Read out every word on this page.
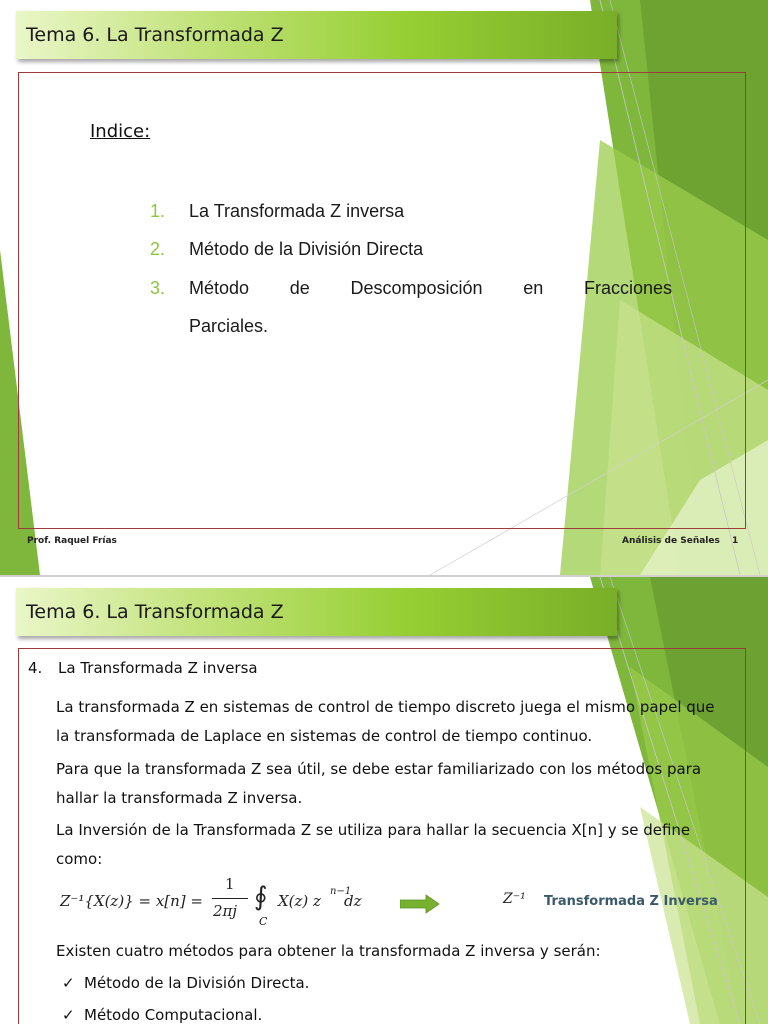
Tema 6. La Transformada Z
Indice:
1. La Transformada Z inversa
2. Método de la División Directa
3. Método de Descomposición en Fracciones
Parciales.
Prof. Raquel Frías	Análisis de Señales 1
Tema 6. La Transformada Z
4. La Transformada Z inversa
La transformada Z en sistemas de control de tiempo discreto juega el mismo papel que
la transformada de Laplace en sistemas de control de tiempo continuo.
Para que la transformada Z sea útil, se debe estar familiarizado con los métodos para
hallar la transformada Z inversa.
La Inversión de la Transformada Z se utiliza para hallar la secuencia X[n] y se define
como:
Z⁻¹{X(z)} = x[n] =
1
2πj ∮
C
X(z) z
n−1
dz	Z⁻¹ Transformada Z Inversa
Existen cuatro métodos para obtener la transformada Z inversa y serán:
✓ Método de la División Directa.
✓ Método Computacional.
